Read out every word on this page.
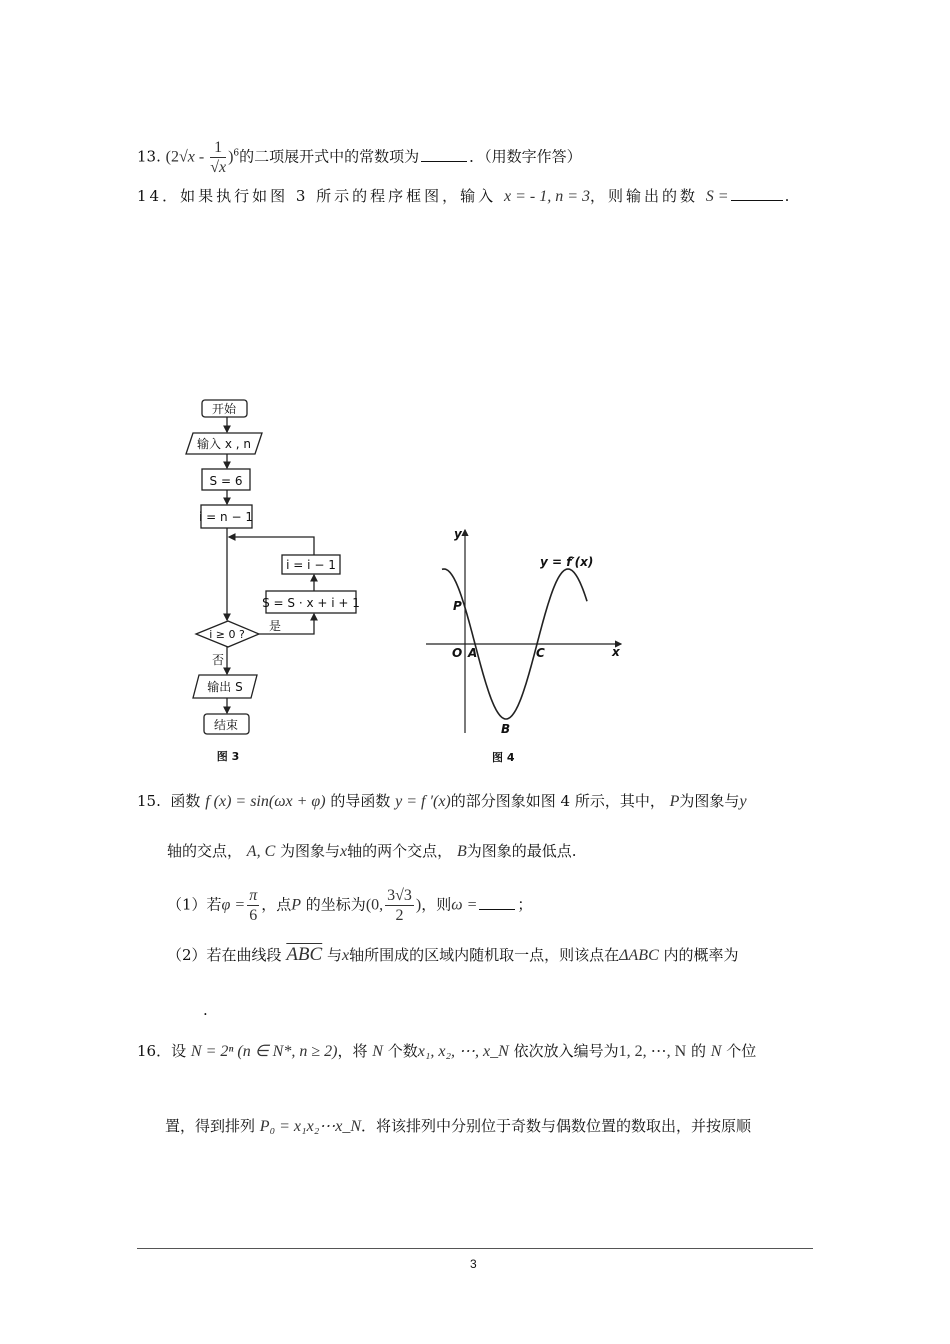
13. $(2√x - \frac{1}{√x} )^6$的二项展开式中的常数项为	．（用数字作答）
14．如果执行如图 3 所示的程序框图，输入 x = - 1, n = 3，则输出的数 S =	.
开始
输入 x , n
S = 6
i = n − 1
i = i − 1
S = S · x + i + 1
i ≥ 0 ?
是
否
输出 S
结束
图 3
y
x
y = f′(x)
P
O A
B
C
图 4
15. 函数 f (x) = sin(ωx + φ) 的导函数 y = f ′(x)的部分图象如图 4 所示，其中， P为图象与y
轴的交点， A, C 为图象与x轴的两个交点， B为图象的最低点.
（1）若$\varphi = \frac{\pi}{6}$ ，点P 的坐标为(0, $\frac{3√3}{2}$ )，则ω =	；
（2）若在曲线段 $\overline{ABC}$ 与x轴所围成的区域内随机取一点，则该点在ΔABC 内的概率为
.
16．设 N = 2ⁿ (n ∈ N*, n ≥ 2)，将 N 个数x₁, x₂, ⋯, x_N 依次放入编号为1, 2, ⋯, N 的 N 个位
置，得到排列 P₀ = x₁x₂⋯x_N．将该排列中分别位于奇数与偶数位置的数取出，并按原顺
3
